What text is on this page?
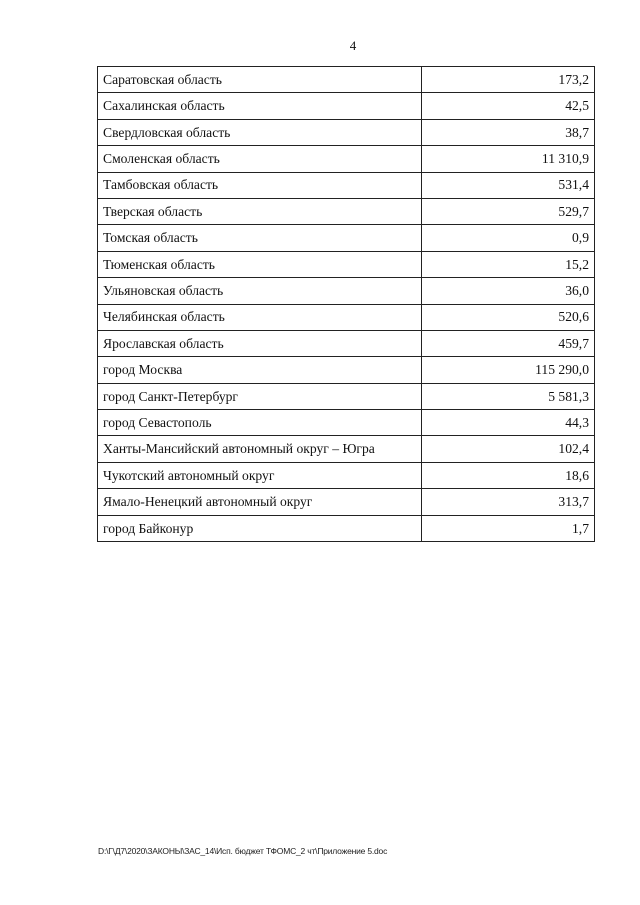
4
Саратовская область	173,2
Сахалинская область	42,5
Свердловская область	38,7
Смоленская область	11 310,9
Тамбовская область	531,4
Тверская область	529,7
Томская область	0,9
Тюменская область	15,2
Ульяновская область	36,0
Челябинская область	520,6
Ярославская область	459,7
город Москва	115 290,0
город Санкт-Петербург	5 581,3
город Севастополь	44,3
Ханты-Мансийский автономный округ – Югра	102,4
Чукотский автономный округ	18,6
Ямало-Ненецкий автономный округ	313,7
город Байконур	1,7
D:\Г\Д7\2020\ЗАКОНЫ\ЗАС_14\Исп. бюджет ТФОМС_2 чт\Приложение 5.doc
